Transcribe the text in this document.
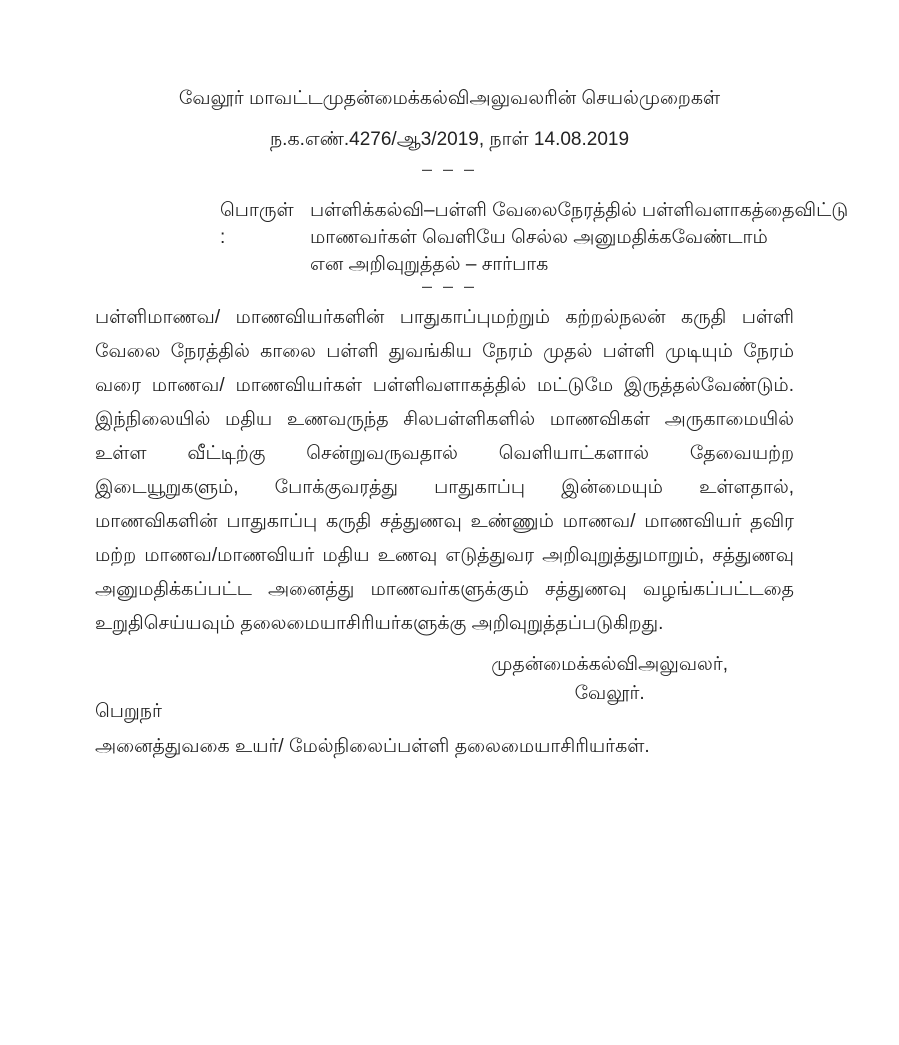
வேலூர் மாவட்டமுதன்மைக்கல்விஅலுவலரின் செயல்முறைகள்
ந.க.எண்.4276/ஆ3/2019, நாள் 14.08.2019
– – –
பொருள்
:
பள்ளிக்கல்வி–பள்ளி வேலைநேரத்தில் பள்ளிவளாகத்தைவிட்டு
மாணவர்கள் வெளியே செல்ல அனுமதிக்கவேண்டாம்
என அறிவுறுத்தல் – சார்பாக
– – –
பள்ளிமாணவ/ மாணவியர்களின் பாதுகாப்புமற்றும் கற்றல்நலன் கருதி பள்ளி வேலை நேரத்தில் காலை பள்ளி துவங்கிய நேரம் முதல் பள்ளி முடியும் நேரம் வரை மாணவ/ மாணவியர்கள் பள்ளிவளாகத்தில் மட்டுமே இருத்தல்வேண்டும். இந்நிலையில் மதிய உணவருந்த சிலபள்ளிகளில் மாணவிகள் அருகாமையில் உள்ள வீட்டிற்கு சென்றுவருவதால் வெளியாட்களால் தேவையற்ற இடையூறுகளும், போக்குவரத்து பாதுகாப்பு இன்மையும் உள்ளதால், மாணவிகளின் பாதுகாப்பு கருதி சத்துணவு உண்ணும் மாணவ/ மாணவியர் தவிர மற்ற மாணவ/மாணவியர் மதிய உணவு எடுத்துவர அறிவுறுத்துமாறும், சத்துணவு அனுமதிக்கப்பட்ட அனைத்து மாணவர்களுக்கும் சத்துணவு வழங்கப்பட்டதை உறுதிசெய்யவும் தலைமையாசிரியர்களுக்கு அறிவுறுத்தப்படுகிறது.
முதன்மைக்கல்விஅலுவலர்,
வேலூர்.
பெறுநர்
அனைத்துவகை உயர்/ மேல்நிலைப்பள்ளி தலைமையாசிரியர்கள்.
